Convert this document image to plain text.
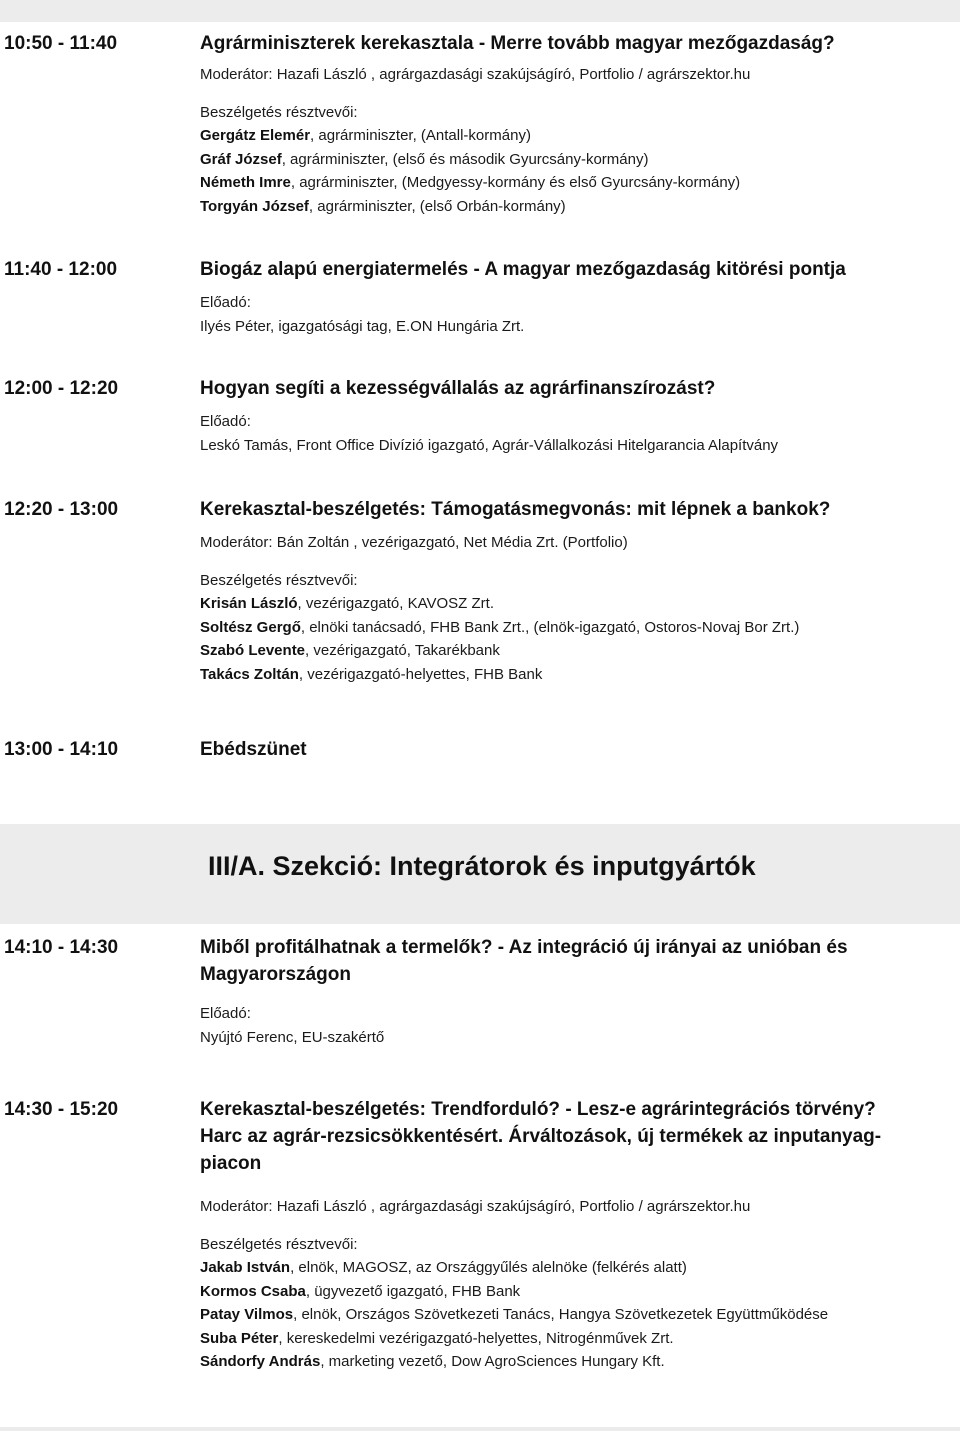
10:50 - 11:40	Agrárminiszterek kerekasztala - Merre tovább magyar mezőgazdaság?
Moderátor: Hazafi László , agrárgazdasági szakújságíró, Portfolio / agrárszektor.hu
Beszélgetés résztvevői:
Gergátz Elemér, agrárminiszter, (Antall-kormány)
Gráf József, agrárminiszter, (első és második Gyurcsány-kormány)
Németh Imre, agrárminiszter, (Medgyessy-kormány és első Gyurcsány-kormány)
Torgyán József, agrárminiszter, (első Orbán-kormány)
11:40 - 12:00	Biogáz alapú energiatermelés - A magyar mezőgazdaság kitörési pontja
Előadó:
Ilyés Péter, igazgatósági tag, E.ON Hungária Zrt.
12:00 - 12:20	Hogyan segíti a kezességvállalás az agrárfinanszírozást?
Előadó:
Leskó Tamás, Front Office Divízió igazgató, Agrár-Vállalkozási Hitelgarancia Alapítvány
12:20 - 13:00	Kerekasztal-beszélgetés: Támogatásmegvonás: mit lépnek a bankok?
Moderátor: Bán Zoltán , vezérigazgató, Net Média Zrt. (Portfolio)
Beszélgetés résztvevői:
Krisán László, vezérigazgató, KAVOSZ Zrt.
Soltész Gergő, elnöki tanácsadó, FHB Bank Zrt., (elnök-igazgató, Ostoros-Novaj Bor Zrt.)
Szabó Levente, vezérigazgató, Takarékbank
Takács Zoltán, vezérigazgató-helyettes, FHB Bank
13:00 - 14:10	Ebédszünet
III/A. Szekció: Integrátorok és inputgyártók
14:10 - 14:30	Miből profitálhatnak a termelők? - Az integráció új irányai az unióban és
Magyarországon
Előadó:
Nyújtó Ferenc, EU-szakértő
14:30 - 15:20	Kerekasztal-beszélgetés: Trendforduló? - Lesz-e agrárintegrációs törvény?
Harc az agrár-rezsicsökkentésért. Árváltozások, új termékek az inputanyag-
piacon
Moderátor: Hazafi László , agrárgazdasági szakújságíró, Portfolio / agrárszektor.hu
Beszélgetés résztvevői:
Jakab István, elnök, MAGOSZ, az Országgyűlés alelnöke (felkérés alatt)
Kormos Csaba, ügyvezető igazgató, FHB Bank
Patay Vilmos, elnök, Országos Szövetkezeti Tanács, Hangya Szövetkezetek Együttműködése
Suba Péter, kereskedelmi vezérigazgató-helyettes, Nitrogénművek Zrt.
Sándorfy András, marketing vezető, Dow AgroSciences Hungary Kft.
